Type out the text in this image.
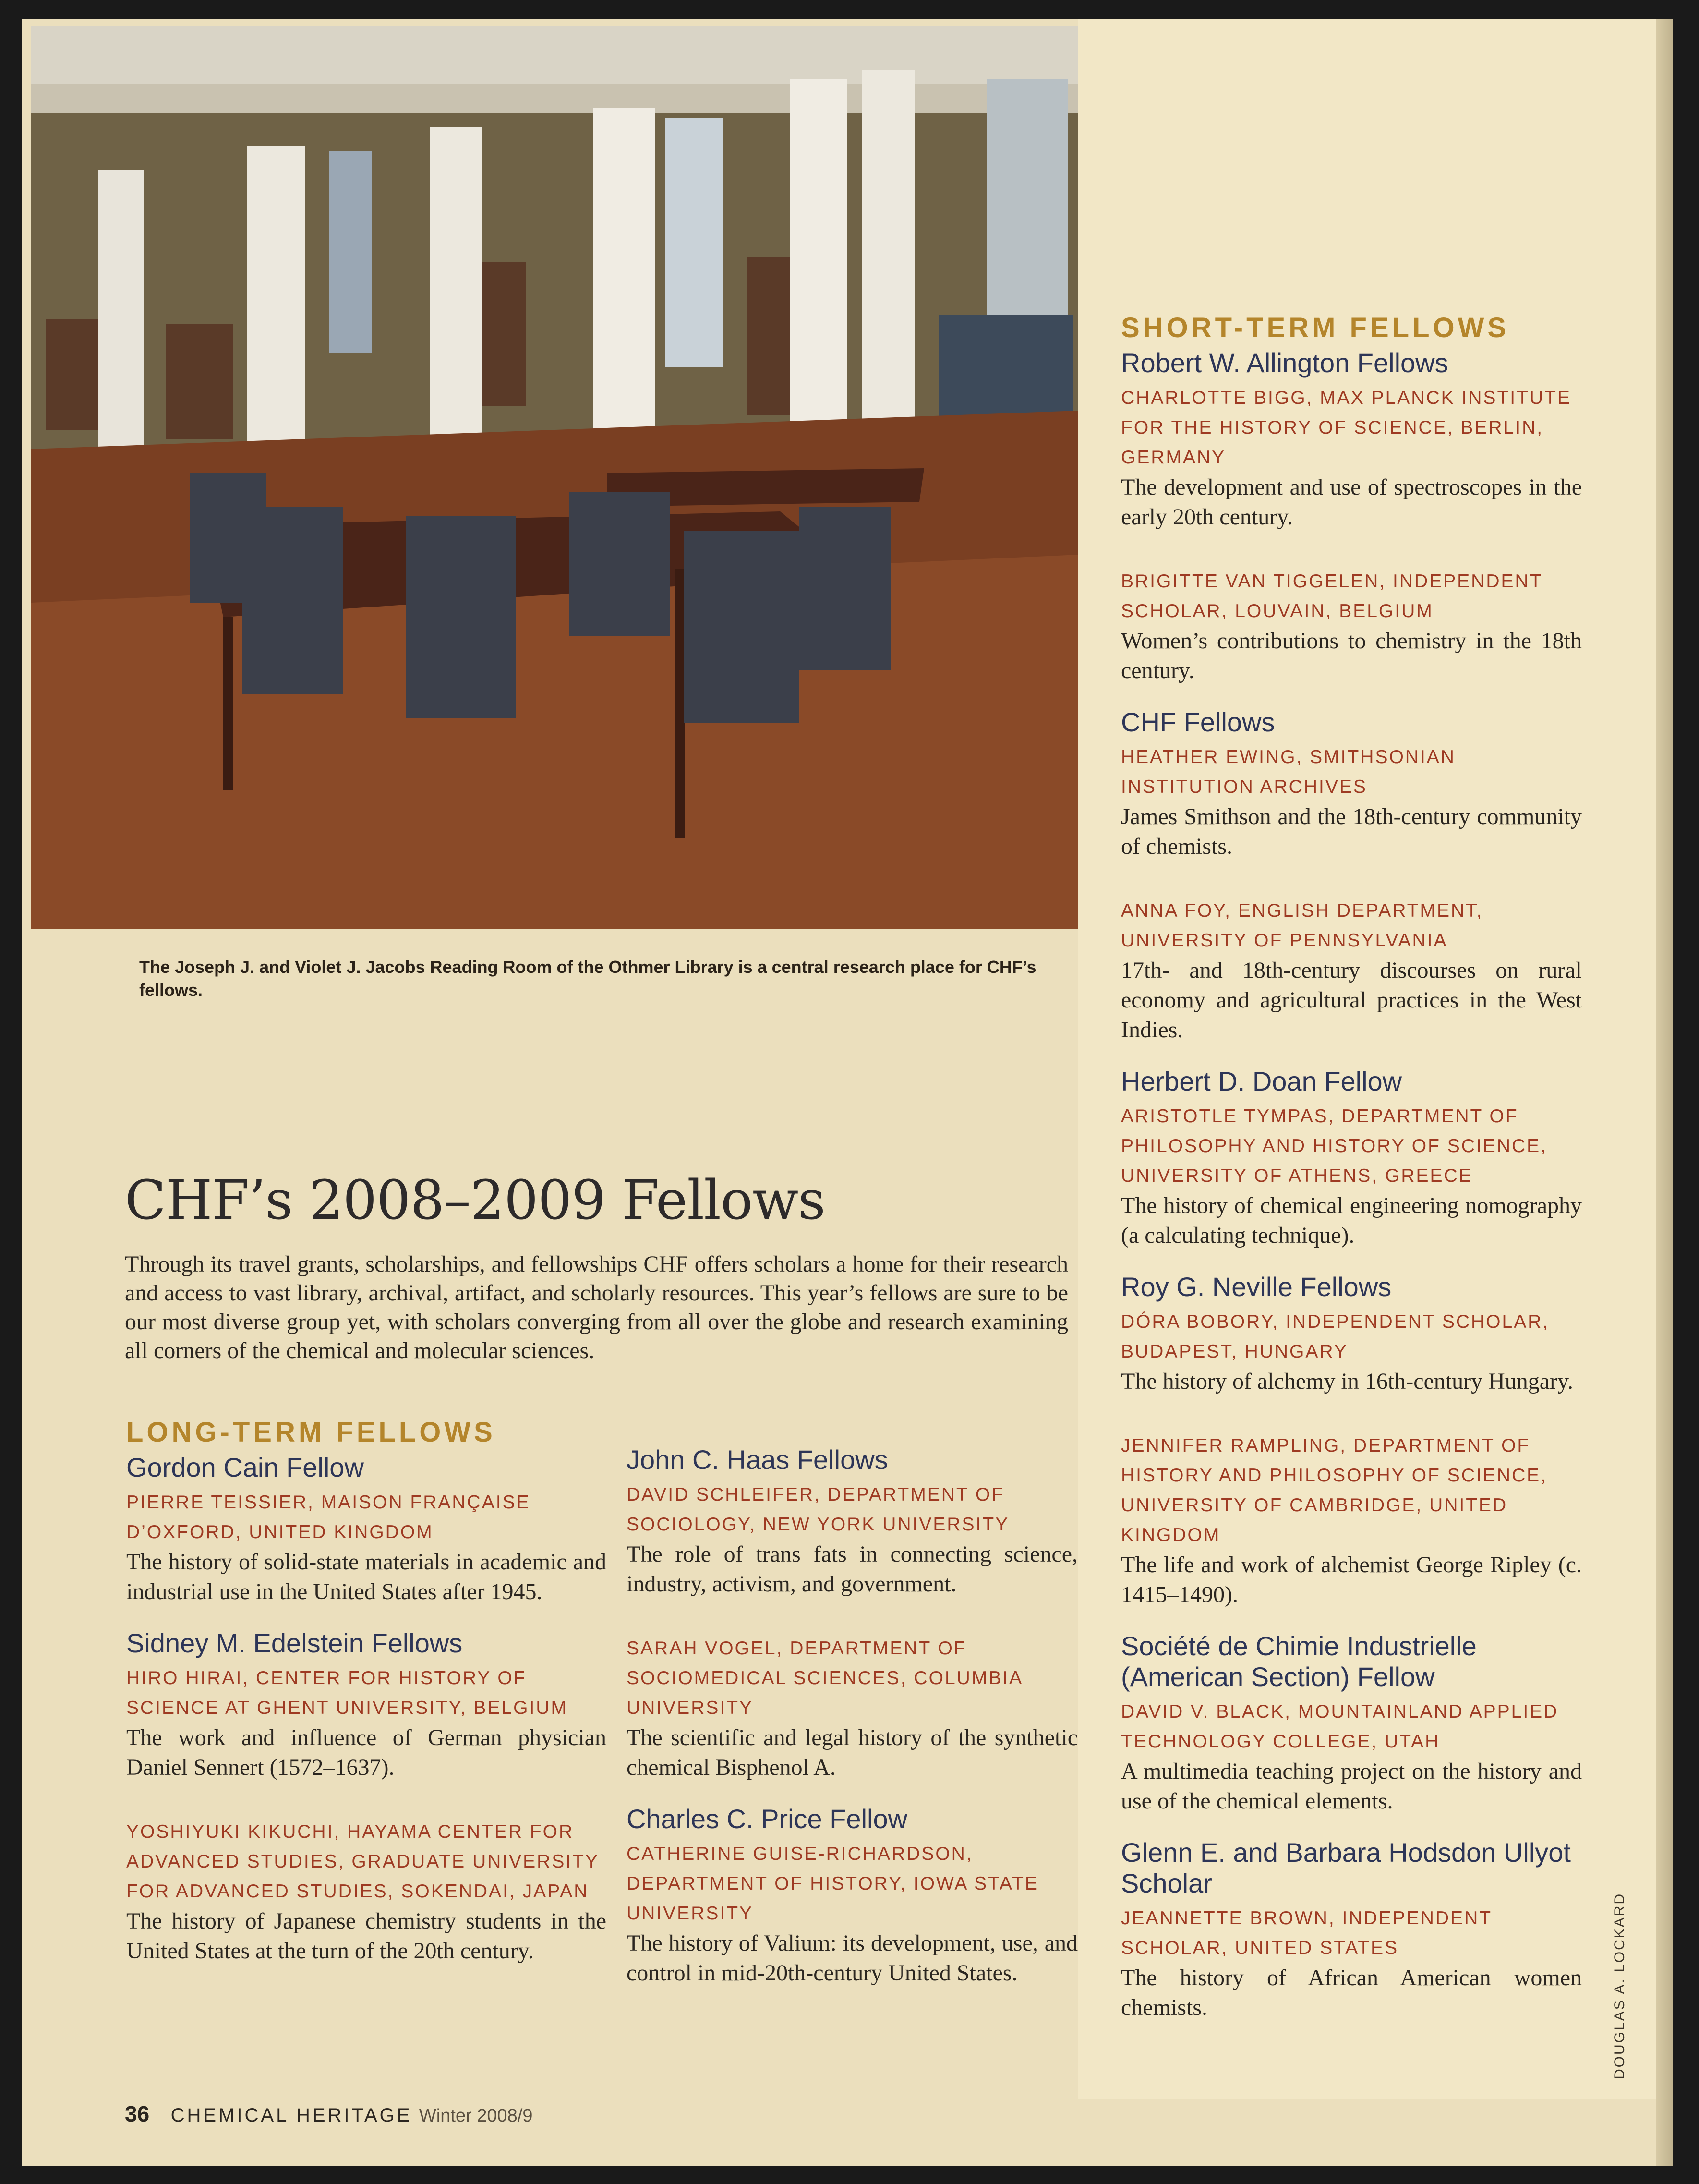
The Joseph J. and Violet J. Jacobs Reading Room of the Othmer Library is a central research place for CHF’s fellows.
CHF’s 2008–2009 Fellows

Through its travel grants, scholarships, and fellowships CHF offers scholars a home for their research and access to vast library, archival, artifact, and scholarly resources. This year’s fellows are sure to be our most diverse group yet, with scholars converging from all over the globe and research examining all corners of the chemical and molecular sciences.

LONG-TERM FELLOWS
Gordon Cain Fellow
PIERRE TEISSIER, MAISON FRANÇAISE D’OXFORD, UNITED KINGDOM
The history of solid-state materials in academic and industrial use in the United States after 1945.
Sidney M. Edelstein Fellows
HIRO HIRAI, CENTER FOR HISTORY OF SCIENCE AT GHENT UNIVERSITY, BELGIUM
The work and influence of German physician Daniel Sennert (1572–1637).
YOSHIYUKI KIKUCHI, HAYAMA CENTER FOR ADVANCED STUDIES, GRADUATE UNIVERSITY FOR ADVANCED STUDIES, SOKENDAI, JAPAN
The history of Japanese chemistry students in the United States at the turn of the 20th century.
John C. Haas Fellows
DAVID SCHLEIFER, DEPARTMENT OF SOCIOLOGY, NEW YORK UNIVERSITY
The role of trans fats in connecting science, industry, activism, and government.
SARAH VOGEL, DEPARTMENT OF SOCIOMEDICAL SCIENCES, COLUMBIA UNIVERSITY
The scientific and legal history of the synthetic chemical Bisphenol A.
Charles C. Price Fellow
CATHERINE GUISE-RICHARDSON, DEPARTMENT OF HISTORY, IOWA STATE UNIVERSITY
The history of Valium: its development, use, and control in mid-20th-century United States.
SHORT-TERM FELLOWS
Robert W. Allington Fellows
CHARLOTTE BIGG, MAX PLANCK INSTITUTE FOR THE HISTORY OF SCIENCE, BERLIN, GERMANY
The development and use of spectroscopes in the early 20th century.
BRIGITTE VAN TIGGELEN, INDEPENDENT SCHOLAR, LOUVAIN, BELGIUM
Women’s contributions to chemistry in the 18th century.
CHF Fellows
HEATHER EWING, SMITHSONIAN INSTITUTION ARCHIVES
James Smithson and the 18th-century community of chemists.
ANNA FOY, ENGLISH DEPARTMENT, UNIVERSITY OF PENNSYLVANIA
17th- and 18th-century discourses on rural economy and agricultural practices in the West Indies.
Herbert D. Doan Fellow
ARISTOTLE TYMPAS, DEPARTMENT OF PHILOSOPHY AND HISTORY OF SCIENCE, UNIVERSITY OF ATHENS, GREECE
The history of chemical engineering nomography (a calculating technique).
Roy G. Neville Fellows
DÓRA BOBORY, INDEPENDENT SCHOLAR, BUDAPEST, HUNGARY
The history of alchemy in 16th-century Hungary.
JENNIFER RAMPLING, DEPARTMENT OF HISTORY AND PHILOSOPHY OF SCIENCE, UNIVERSITY OF CAMBRIDGE, UNITED KINGDOM
The life and work of alchemist George Ripley (c. 1415–1490).
Société de Chimie Industrielle (American Section) Fellow
DAVID V. BLACK, MOUNTAINLAND APPLIED TECHNOLOGY COLLEGE, UTAH
A multimedia teaching project on the history and use of the chemical elements.
Glenn E. and Barbara Hodsdon Ullyot Scholar
JEANNETTE BROWN, INDEPENDENT SCHOLAR, UNITED STATES
The history of African American women chemists.
36 CHEMICAL HERITAGE Winter 2008/9
DOUGLAS A. LOCKARD
